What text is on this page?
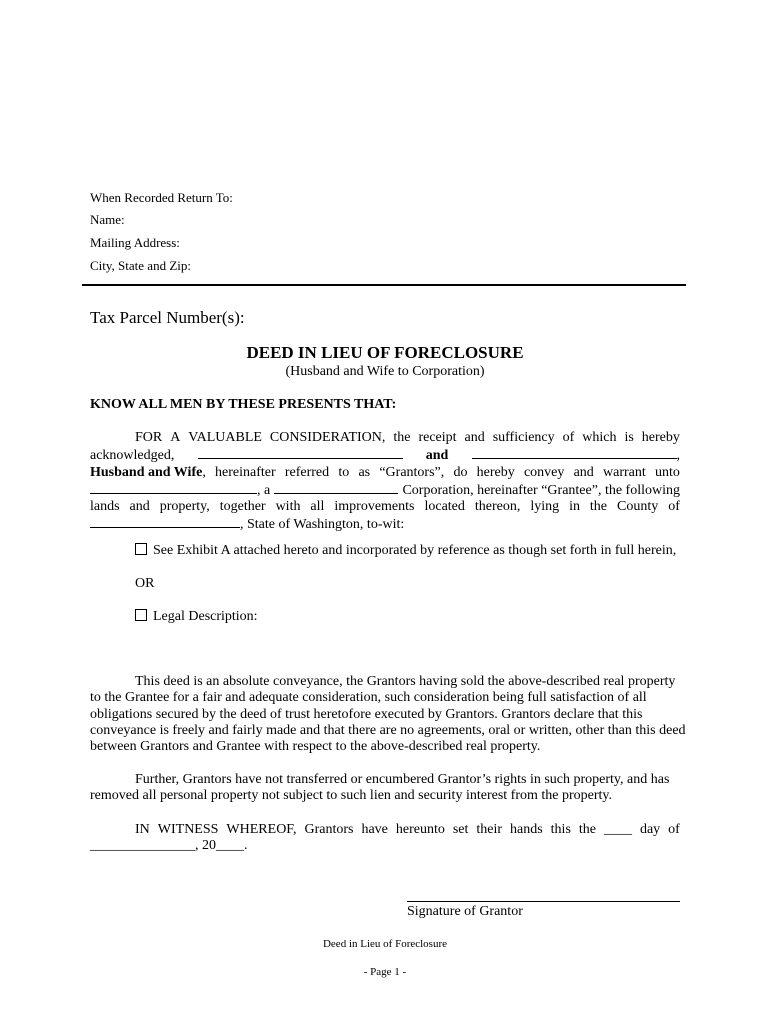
When Recorded Return To:
Name:
Mailing Address:
City, State and Zip:
Tax Parcel Number(s):
DEED IN LIEU OF FORECLOSURE
(Husband and Wife to Corporation)
KNOW ALL MEN BY THESE PRESENTS THAT:
FOR A VALUABLE CONSIDERATION, the receipt and sufficiency of which is hereby
acknowledged,	and	,
Husband and Wife, hereinafter referred to as “Grantors”, do hereby convey and warrant unto
, a	Corporation, hereinafter “Grantee”, the following
lands and property, together with all improvements located thereon, lying in the County of
, State of Washington, to-wit:
See Exhibit A attached hereto and incorporated by reference as though set forth in full herein,
OR
Legal Description:
This deed is an absolute conveyance, the Grantors having sold the above-described real property
to the Grantee for a fair and adequate consideration, such consideration being full satisfaction of all
obligations secured by the deed of trust heretofore executed by Grantors. Grantors declare that this
conveyance is freely and fairly made and that there are no agreements, oral or written, other than this deed
between Grantors and Grantee with respect to the above-described real property.
Further, Grantors have not transferred or encumbered Grantor’s rights in such property, and has
removed all personal property not subject to such lien and security interest from the property.
IN WITNESS WHEREOF, Grantors have hereunto set their hands this the ____ day of
_______________, 20____.
Signature of Grantor
Deed in Lieu of Foreclosure
- Page 1 -
